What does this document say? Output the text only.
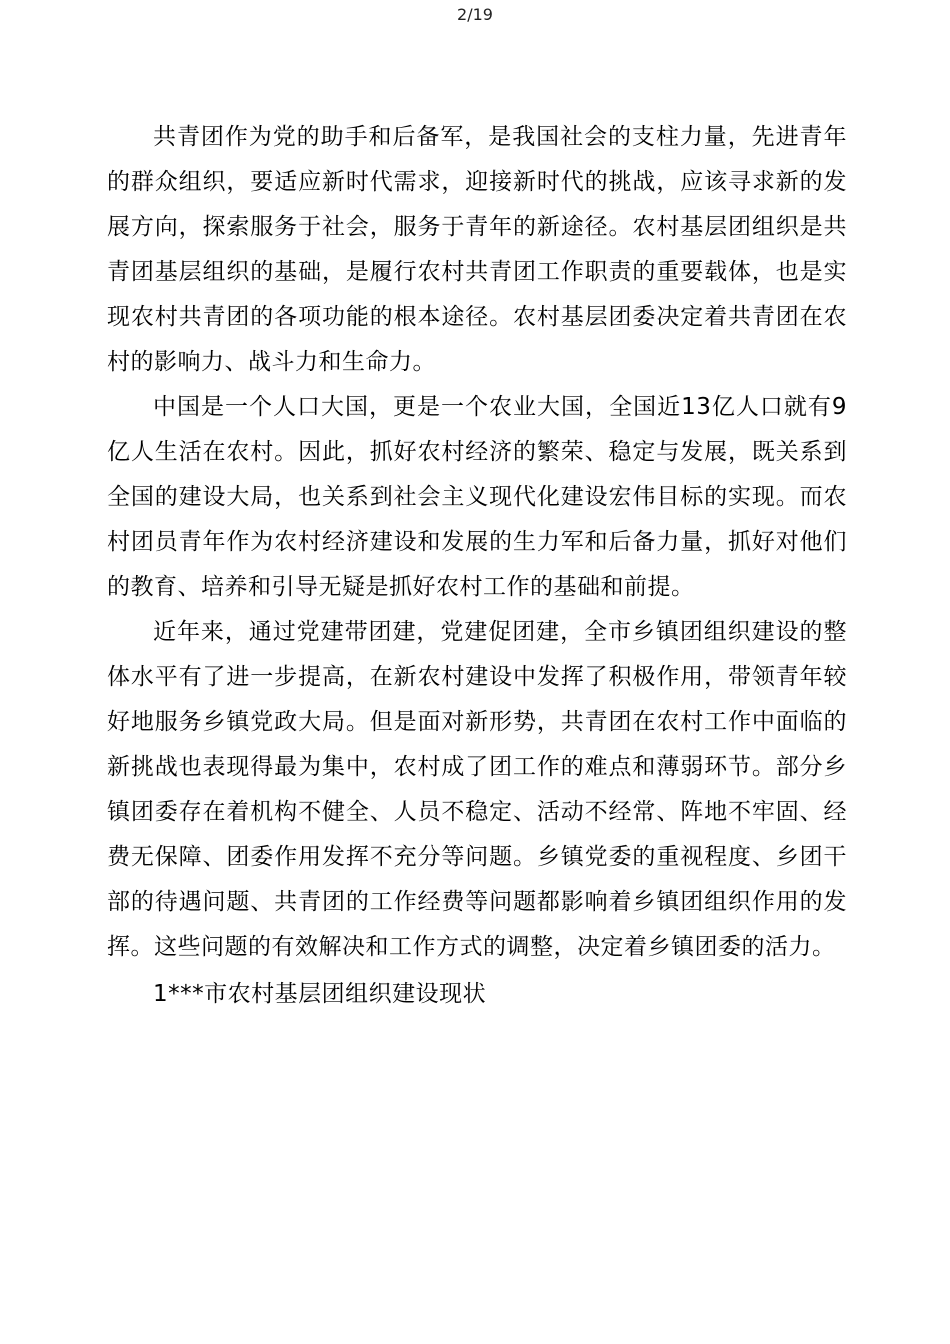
2/19

共青团作为党的助手和后备军，是我国社会的支柱力量，先进青年的群众组织，要适应新时代需求，迎接新时代的挑战，应该寻求新的发展方向，探索服务于社会，服务于青年的新途径。农村基层团组织是共青团基层组织的基础，是履行农村共青团工作职责的重要载体，也是实现农村共青团的各项功能的根本途径。农村基层团委决定着共青团在农村的影响力、战斗力和生命力。

中国是一个人口大国，更是一个农业大国，全国近13亿人口就有9亿人生活在农村。因此，抓好农村经济的繁荣、稳定与发展，既关系到全国的建设大局，也关系到社会主义现代化建设宏伟目标的实现。而农村团员青年作为农村经济建设和发展的生力军和后备力量，抓好对他们的教育、培养和引导无疑是抓好农村工作的基础和前提。

近年来，通过党建带团建，党建促团建，全市乡镇团组织建设的整体水平有了进一步提高，在新农村建设中发挥了积极作用，带领青年较好地服务乡镇党政大局。但是面对新形势，共青团在农村工作中面临的新挑战也表现得最为集中，农村成了团工作的难点和薄弱环节。部分乡镇团委存在着机构不健全、人员不稳定、活动不经常、阵地不牢固、经费无保障、团委作用发挥不充分等问题。乡镇党委的重视程度、乡团干部的待遇问题、共青团的工作经费等问题都影响着乡镇团组织作用的发挥。这些问题的有效解决和工作方式的调整，决定着乡镇团委的活力。

1***市农村基层团组织建设现状
